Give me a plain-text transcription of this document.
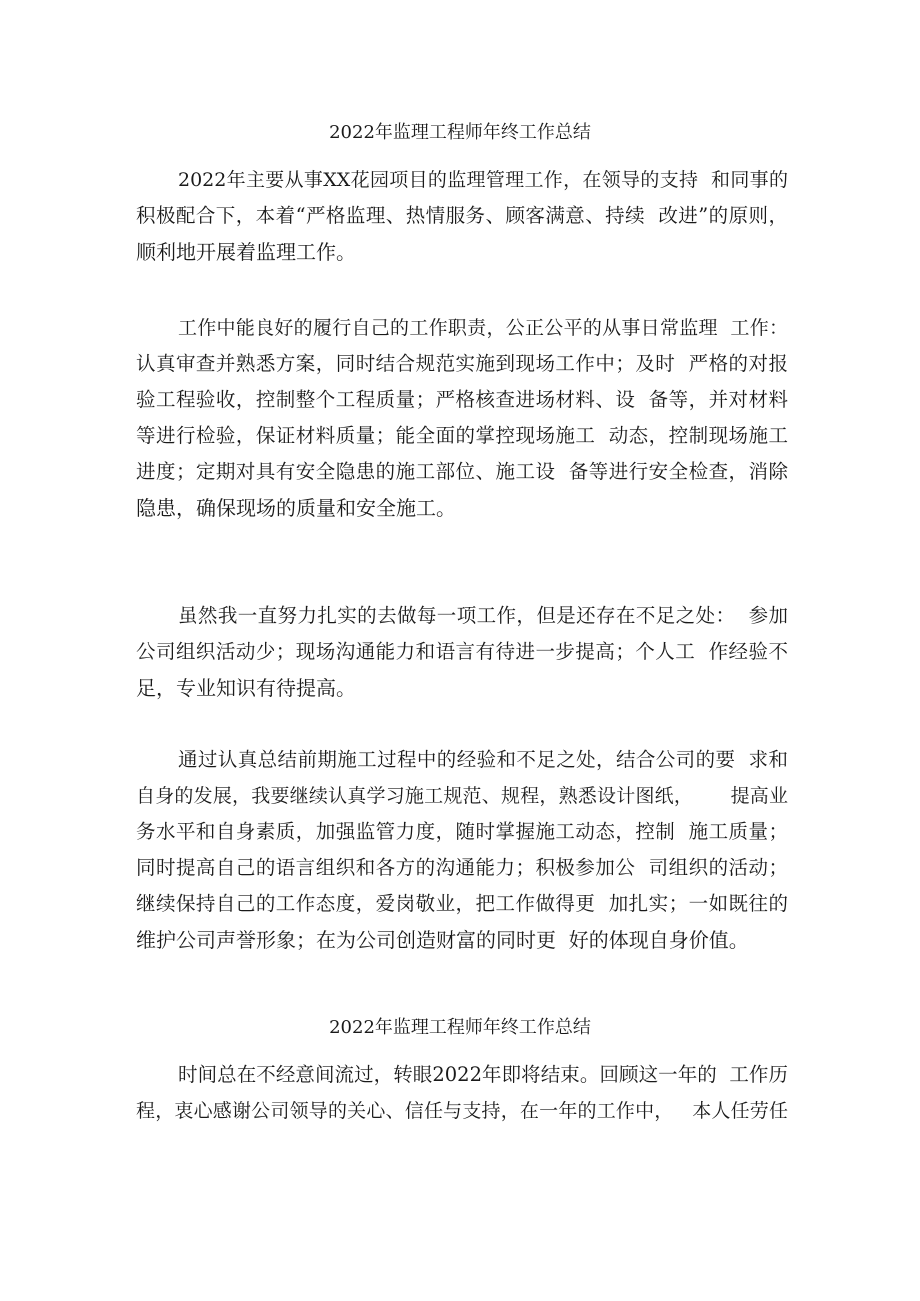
2022年监理工程师年终工作总结
2022年主要从事XX花园项目的监理管理工作，在领导的支持  和同事的
积极配合下，本着“严格监理、热情服务、顾客满意、持续  改进”的原则，
顺利地开展着监理工作。
工作中能良好的履行自己的工作职责，公正公平的从事日常监理  工作：
认真审查并熟悉方案，同时结合规范实施到现场工作中；及时  严格的对报
验工程验收，控制整个工程质量；严格核查进场材料、设  备等，并对材料
等进行检验，保证材料质量；能全面的掌控现场施工  动态，控制现场施工
进度；定期对具有安全隐患的施工部位、施工设  备等进行安全检查，消除
隐患，确保现场的质量和安全施工。
虽然我一直努力扎实的去做每一项工作，但是还存在不足之处：  参加
公司组织活动少；现场沟通能力和语言有待进一步提高；个人工  作经验不
足，专业知识有待提高。
通过认真总结前期施工过程中的经验和不足之处，结合公司的要  求和
自身的发展，我要继续认真学习施工规范、规程，熟悉设计图纸，      提高业
务水平和自身素质，加强监管力度，随时掌握施工动态，控制  施工质量；
同时提高自己的语言组织和各方的沟通能力；积极参加公  司组织的活动；
继续保持自己的工作态度，爱岗敬业，把工作做得更  加扎实；一如既往的
维护公司声誉形象；在为公司创造财富的同时更  好的体现自身价值。
2022年监理工程师年终工作总结
时间总在不经意间流过，转眼2022年即将结束。回顾这一年的  工作历
程，衷心感谢公司领导的关心、信任与支持，在一年的工作中，   本人任劳任
